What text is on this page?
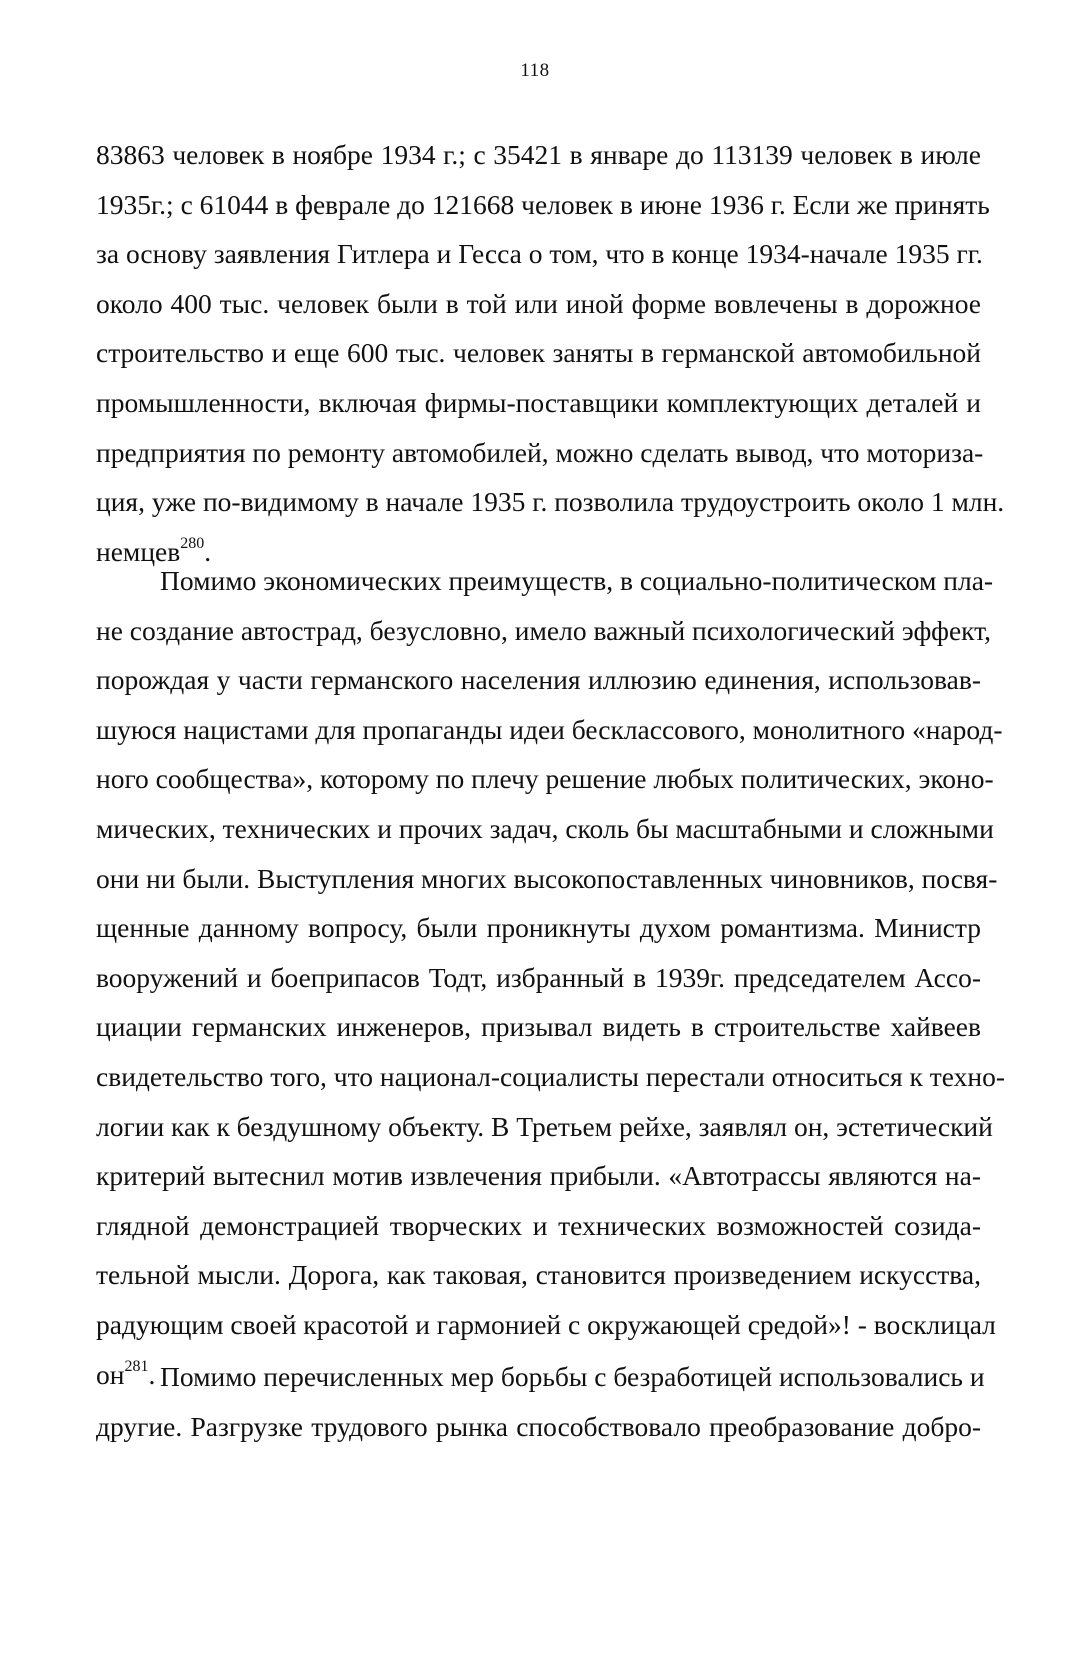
118
83863 человек в ноябре 1934 г.; с 35421 в январе до 113139 человек в июле
1935г.; с 61044 в феврале до 121668 человек в июне 1936 г. Если же принять
за основу заявления Гитлера и Гесса о том, что в конце 1934-начале 1935 гг.
около 400 тыс. человек были в той или иной форме вовлечены в дорожное
строительство и еще 600 тыс. человек заняты в германской автомобильной
промышленности, включая фирмы-поставщики комплектующих деталей и
предприятия по ремонту автомобилей, можно сделать вывод, что моториза-
ция, уже по-видимому в начале 1935 г. позволила трудоустроить около 1 млн.
немцев$^{280}$.
Помимо экономических преимуществ, в социально-политическом пла-
не создание автострад, безусловно, имело важный психологический эффект,
порождая у части германского населения иллюзию единения, использовав-
шуюся нацистами для пропаганды идеи бесклассового, монолитного «народ-
ного сообщества», которому по плечу решение любых политических, эконо-
мических, технических и прочих задач, сколь бы масштабными и сложными
они ни были. Выступления многих высокопоставленных чиновников, посвя-
щенные данному вопросу, были проникнуты духом романтизма. Министр
вооружений и боеприпасов Тодт, избранный в 1939г. председателем Ассо-
циации германских инженеров, призывал видеть в строительстве хайвеев
свидетельство того, что национал-социалисты перестали относиться к техно-
логии как к бездушному объекту. В Третьем рейхе, заявлял он, эстетический
критерий вытеснил мотив извлечения прибыли. «Автотрассы являются на-
глядной демонстрацией творческих и технических возможностей созида-
тельной мысли. Дорога, как таковая, становится произведением искусства,
радующим своей красотой и гармонией с окружающей средой»! - восклицал
$он^{281}$. Помимо перечисленных мер борьбы с безработицей использовались и
другие. Разгрузке трудового рынка способствовало преобразование добро-
